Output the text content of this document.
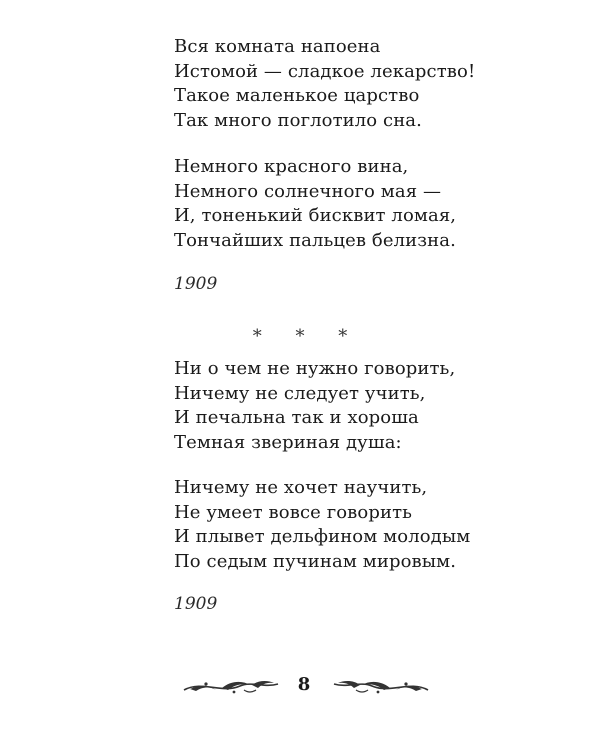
Вся комната напоена
Истомой — сладкое лекарство!
Такое маленькое царство
Так много поглотило сна.

Немного красного вина,
Немного солнечного мая —
И, тоненький бисквит ломая,
Тончайших пальцев белизна.

1909
* * *

Ни о чем не нужно говорить,
Ничему не следует учить,
И печальна так и хороша
Темная звериная душа:

Ничему не хочет научить,
Не умеет вовсе говорить
И плывет дельфином молодым
По седым пучинам мировым.

1909
8
